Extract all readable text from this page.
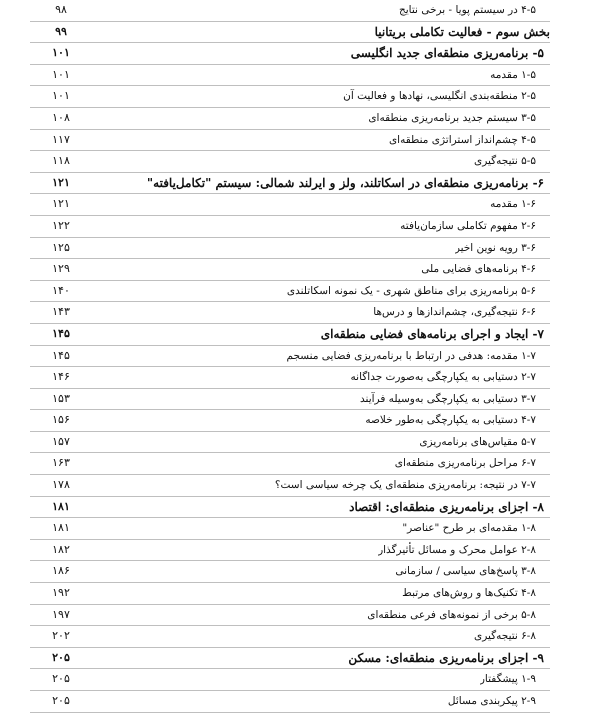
۴-۵ در سیستم پویا - برخی نتایج
۹۸
بخش سوم - فعالیت تکاملی بریتانیا
۹۹
۵- برنامه‌ریزی منطقه‌ای جدید انگلیسی
۱۰۱
۱-۵ مقدمه
۱۰۱
۲-۵ منطقه‌بندی انگلیسی، نهادها و فعالیت آن
۱۰۱
۳-۵ سیستم جدید برنامه‌ریزی منطقه‌ای
۱۰۸
۴-۵ چشم‌انداز استراتژی منطقه‌ای
۱۱۷
۵-۵ نتیجه‌گیری
۱۱۸
۶- برنامه‌ریزی منطقه‌ای در اسکاتلند، ولز و ایرلند شمالی: سیستم "تکامل‌یافته"
۱۲۱
۱-۶ مقدمه
۱۲۱
۲-۶ مفهوم تکاملی سازمان‌یافته
۱۲۲
۳-۶ رویه نوین اخیر
۱۲۵
۴-۶ برنامه‌های فضایی ملی
۱۲۹
۵-۶ برنامه‌ریزی برای مناطق شهری - یک نمونه اسکاتلندی
۱۴۰
۶-۶ نتیجه‌گیری، چشم‌اندازها و درس‌ها
۱۴۳
۷- ایجاد و اجرای برنامه‌های فضایی منطقه‌ای
۱۴۵
۱-۷ مقدمه: هدفی در ارتباط با برنامه‌ریزی فضایی منسجم
۱۴۵
۲-۷ دستیابی به یکپارچگی به‌صورت جداگانه
۱۴۶
۳-۷ دستیابی به یکپارچگی به‌وسیله فرآیند
۱۵۳
۴-۷ دستیابی به یکپارچگی به‌طور خلاصه
۱۵۶
۵-۷ مقیاس‌های برنامه‌ریزی
۱۵۷
۶-۷ مراحل برنامه‌ریزی منطقه‌ای
۱۶۳
۷-۷ در نتیجه: برنامه‌ریزی منطقه‌ای یک چرخه سیاسی است؟
۱۷۸
۸- اجزای برنامه‌ریزی منطقه‌ای: اقتصاد
۱۸۱
۱-۸ مقدمه‌ای بر طرح "عناصر"
۱۸۱
۲-۸ عوامل محرک و مسائل تأثیرگذار
۱۸۲
۳-۸ پاسخ‌های سیاسی / سازمانی
۱۸۶
۴-۸ تکنیک‌ها و روش‌های مرتبط
۱۹۲
۵-۸ برخی از نمونه‌های فرعی منطقه‌ای
۱۹۷
۶-۸ نتیجه‌گیری
۲۰۲
۹- اجزای برنامه‌ریزی منطقه‌ای: مسکن
۲۰۵
۱-۹ پیشگفتار
۲۰۵
۲-۹ پیکربندی مسائل
۲۰۵
